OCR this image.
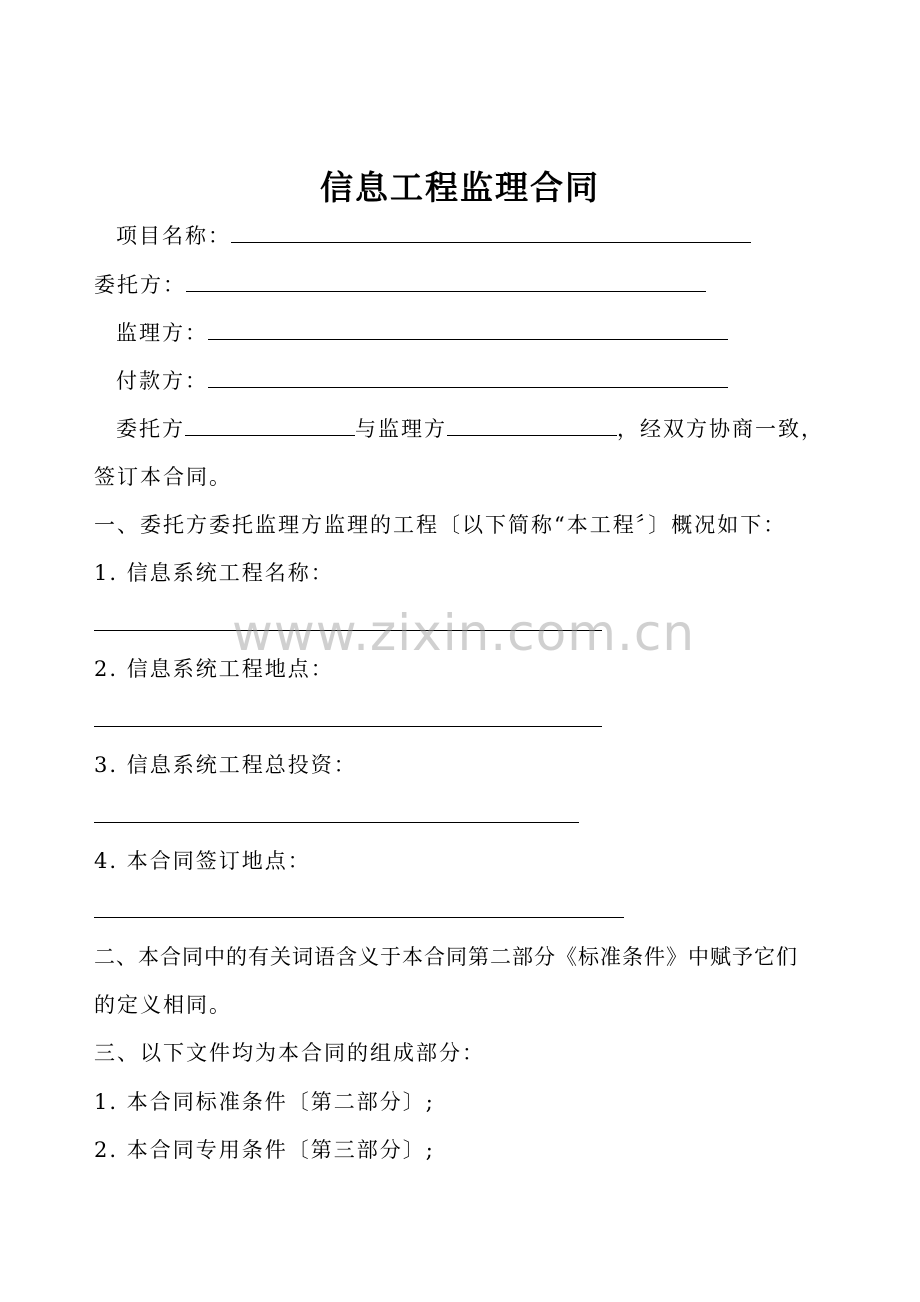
信息工程监理合同
项目名称：
委托方：
监理方：
付款方：
委托方	与监理方	，经双方协商一致，
签订本合同。
一、委托方委托监理方监理的工程〔以下简称“本工程〞〕概况如下：
1. 信息系统工程名称：
2. 信息系统工程地点：
3. 信息系统工程总投资：
4. 本合同签订地点：
二、本合同中的有关词语含义于本合同第二部分《标准条件》中赋予它们
的定义相同。
三、以下文件均为本合同的组成部分：
1. 本合同标准条件〔第二部分〕;
2. 本合同专用条件〔第三部分〕;
www.zixin.com.cn
